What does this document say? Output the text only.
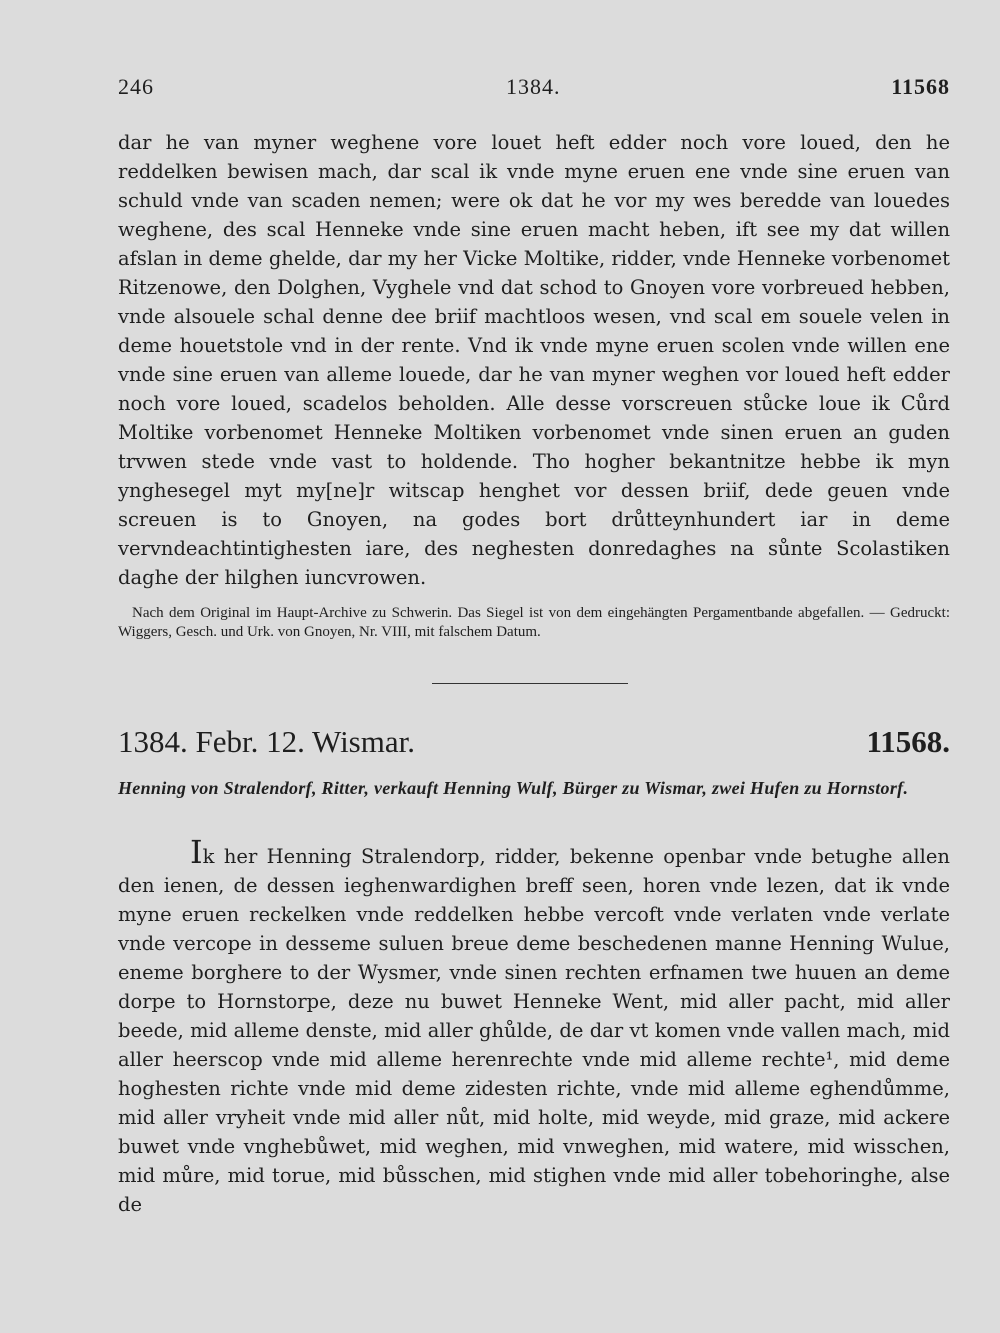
246	1384.	11568

dar he van myner weghene vore louet heft edder noch vore loued, den he reddelken bewisen mach, dar scal ik vnde myne eruen ene vnde sine eruen van schuld vnde van scaden nemen; were ok dat he vor my wes beredde van louedes weghene, des scal Henneke vnde sine eruen macht heben, ift see my dat willen afslan in deme ghelde, dar my her Vicke Moltike, ridder, vnde Henneke vorbenomet Ritzenowe, den Dolghen, Vyghele vnd dat schod to Gnoyen vore vorbreued hebben, vnde alsouele schal denne dee briif machtloos wesen, vnd scal em souele velen in deme houetstole vnd in der rente. Vnd ik vnde myne eruen scolen vnde willen ene vnde sine eruen van alleme louede, dar he van myner weghen vor loued heft edder noch vore loued, scadelos beholden. Alle desse vorscreuen stůcke loue ik Cůrd Moltike vorbenomet Henneke Moltiken vorbenomet vnde sinen eruen an guden trvwen stede vnde vast to holdende. Tho hogher bekantnitze hebbe ik myn ynghesegel myt my[ne]r witscap henghet vor dessen briif, dede geuen vnde screuen is to Gnoyen, na godes bort drůtteynhundert iar in deme vervndeachtintighesten iare, des neghesten donredaghes na sůnte Scolastiken daghe der hilghen iuncvrowen.

Nach dem Original im Haupt-Archive zu Schwerin. Das Siegel ist von dem eingehängten Pergamentbande abgefallen. — Gedruckt: Wiggers, Gesch. und Urk. von Gnoyen, Nr. VIII, mit falschem Datum.

1384. Febr. 12. Wismar.	11568.

Henning von Stralendorf, Ritter, verkauft Henning Wulf, Bürger zu Wismar, zwei Hufen zu Hornstorf.

Ik her Henning Stralendorp, ridder, bekenne openbar vnde betughe allen den ienen, de dessen ieghenwardighen breff seen, horen vnde lezen, dat ik vnde myne eruen reckelken vnde reddelken hebbe vercoft vnde verlaten vnde verlate vnde vercope in desseme suluen breue deme beschedenen manne Henning Wulue, eneme borghere to der Wysmer, vnde sinen rechten erfnamen twe huuen an deme dorpe to Hornstorpe, deze nu buwet Henneke Went, mid aller pacht, mid aller beede, mid alleme denste, mid aller ghůlde, de dar vt komen vnde vallen mach, mid aller heerscop vnde mid alleme herenrechte vnde mid alleme rechte¹, mid deme hoghesten richte vnde mid deme zidesten richte, vnde mid alleme eghendůmme, mid aller vryheit vnde mid aller nůt, mid holte, mid weyde, mid graze, mid ackere buwet vnde vnghebůwet, mid weghen, mid vnweghen, mid watere, mid wisschen, mid můre, mid torue, mid bůsschen, mid stighen vnde mid aller tobehoringhe, alse de
